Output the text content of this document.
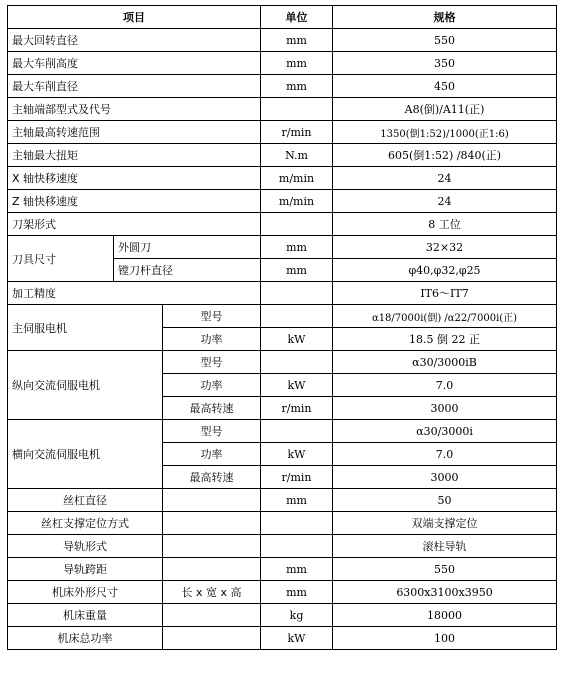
项目			单位	规格
最大回转直径			mm	550
最大车削高度			mm	350
最大车削直径			mm	450
主轴端部型式及代号				A8(倒)/A11(正)
主轴最高转速范围			r/min	1350(倒1:52)/1000(正1:6)
主轴最大扭矩			N.m	605(倒1:52) /840(正)
X 轴快移速度			m/min	24
Z 轴快移速度			m/min	24
刀架形式				8 工位
刀具尺寸	外圆刀		mm	32×32
	镗刀杆直径		mm	φ40,φ32,φ25
加工精度				IT6～IT7
主伺服电机		型号		α18/7000i(倒) /α22/7000i(正)
		功率	kW	18.5 倒 22 正
纵向交流伺服电机		型号		α30/3000iB
		功率	kW	7.0
		最高转速	r/min	3000
横向交流伺服电机		型号		α30/3000i
		功率	kW	7.0
		最高转速	r/min	3000
丝杠直径			mm	50
丝杠支撑定位方式				双端支撑定位
导轨形式				滚柱导轨
导轨跨距			mm	550
机床外形尺寸		长 x 宽 x 高	mm	6300x3100x3950
机床重量			kg	18000
机床总功率			kW	100
